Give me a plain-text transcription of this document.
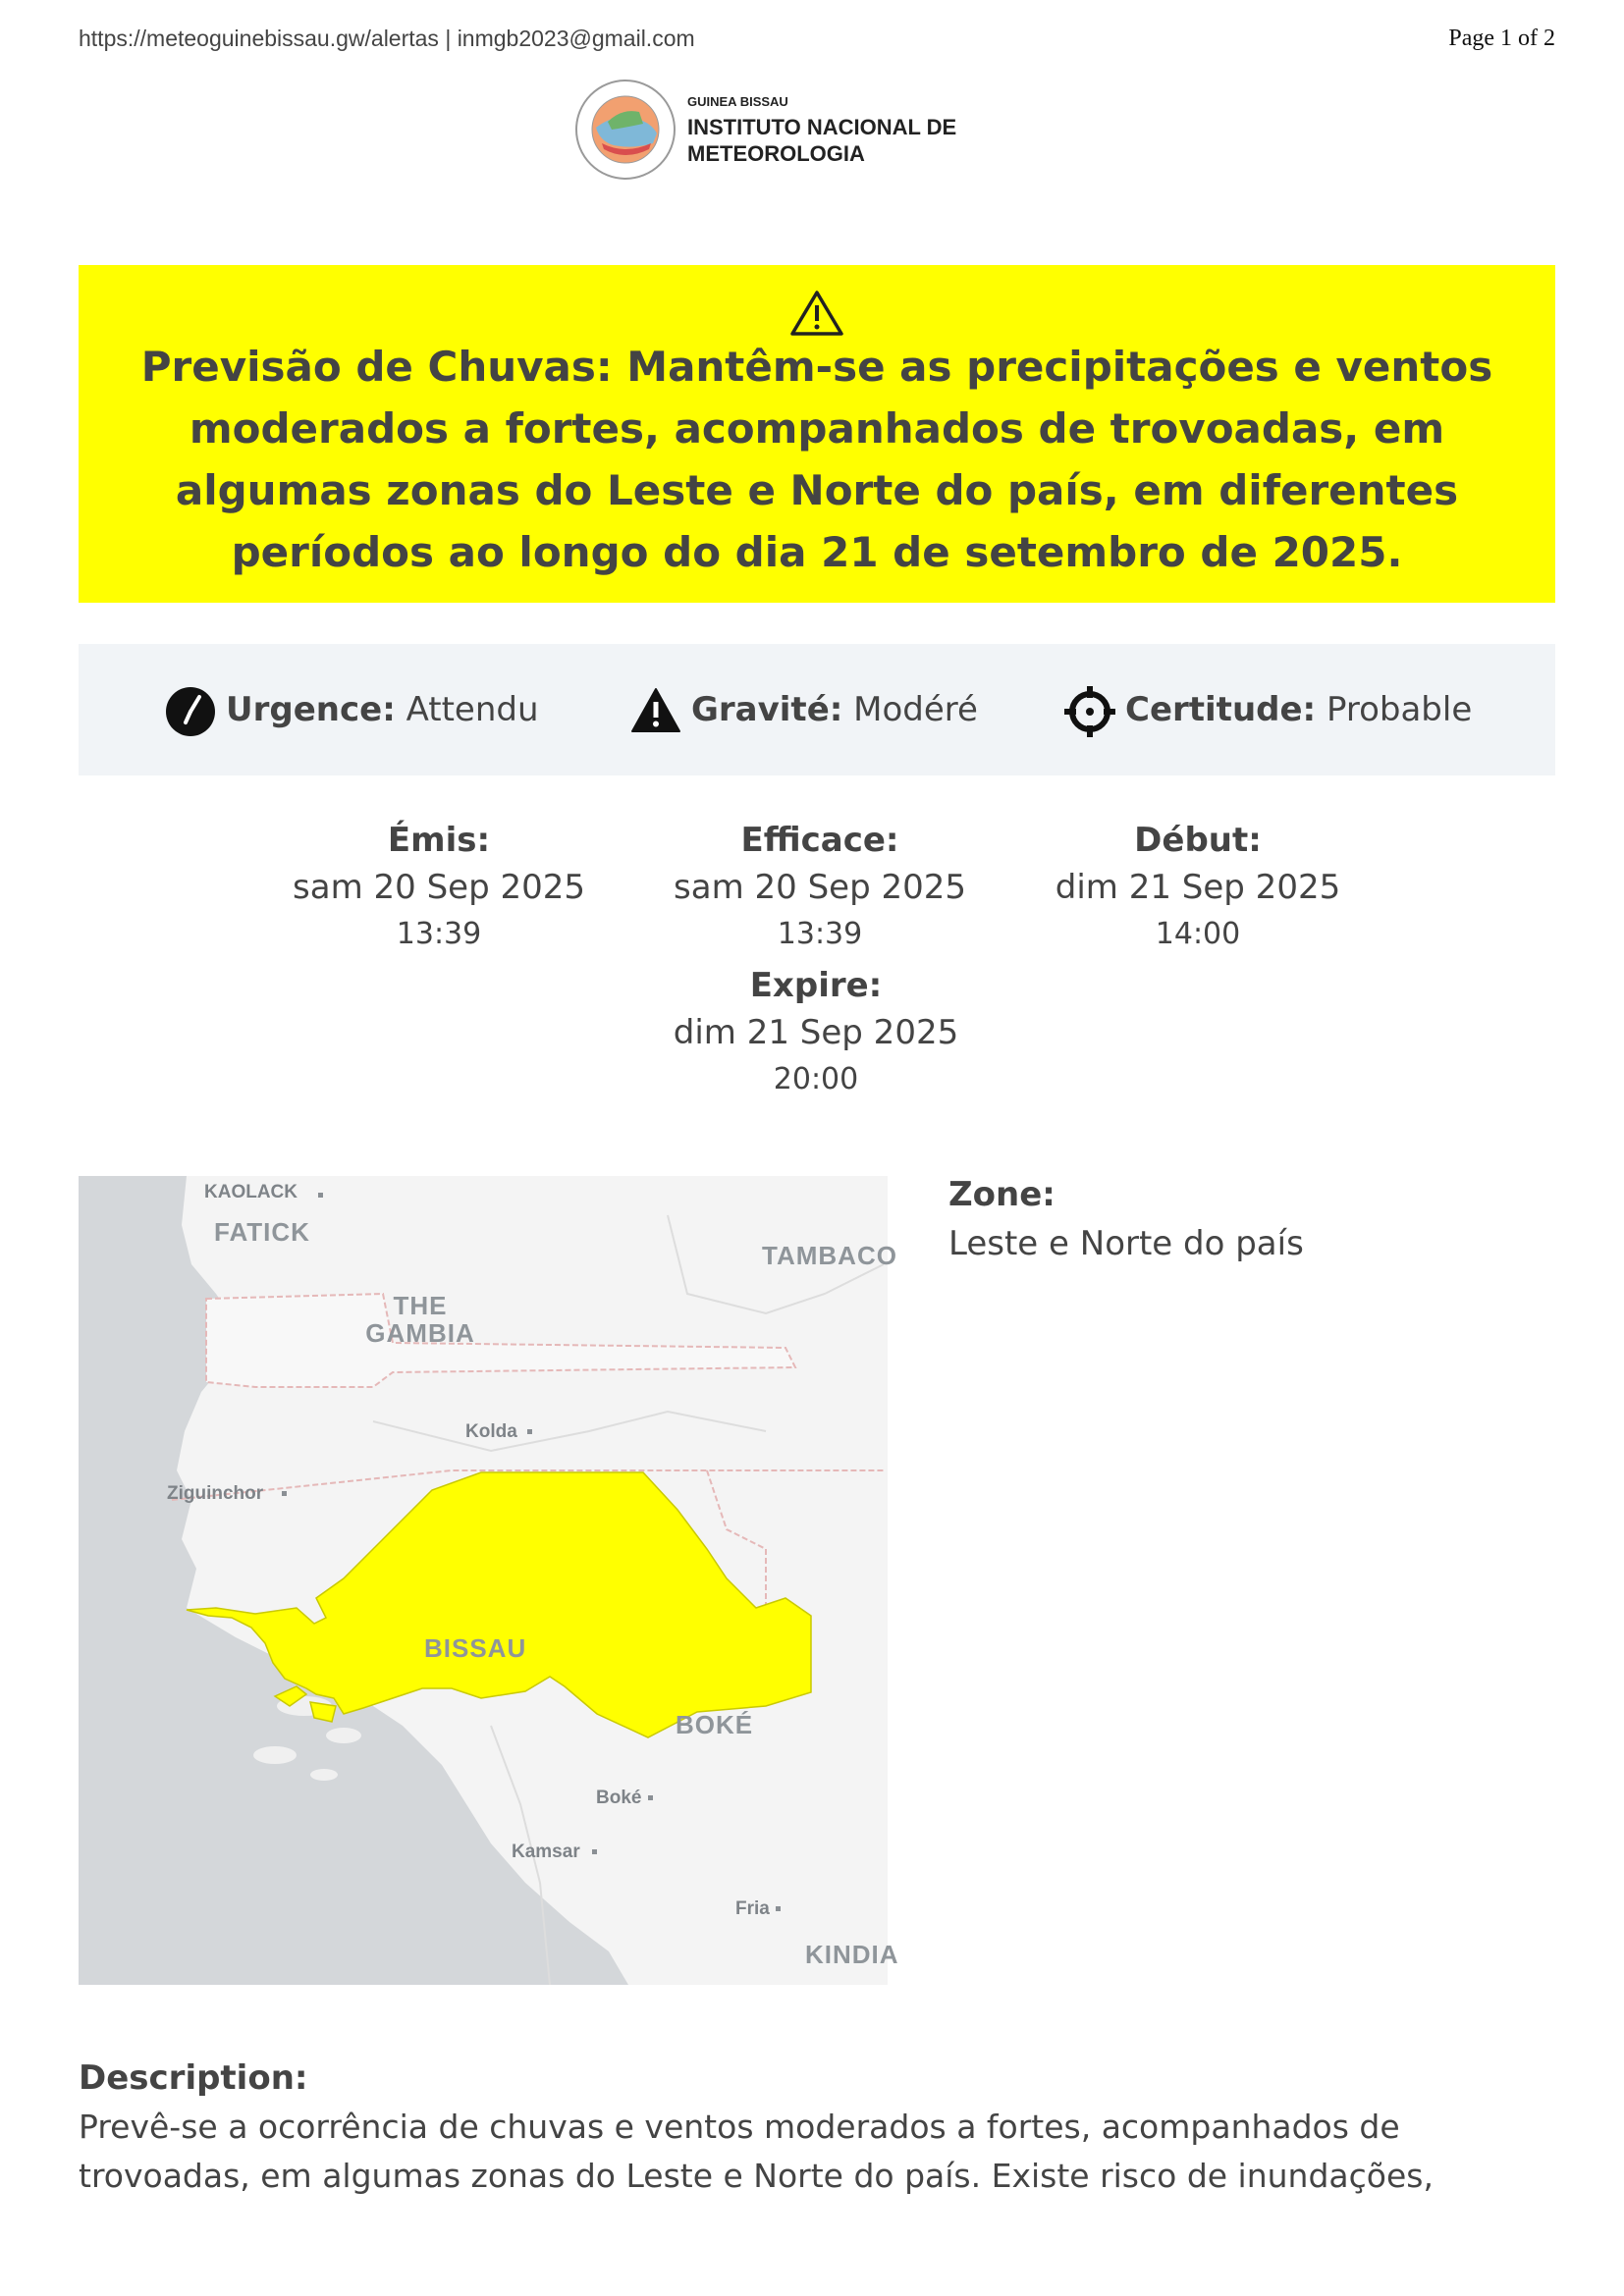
https://meteoguinebissau.gw/alertas | inmgb2023@gmail.com	Page 1 of 2
GUINEA BISSAU
INSTITUTO NACIONAL DE METEOROLOGIA
Previsão de Chuvas: Mantêm-se as precipitações e ventos moderados a fortes, acompanhados de trovoadas, em algumas zonas do Leste e Norte do país, em diferentes períodos ao longo do dia 21 de setembro de 2025.
Urgence: Attendu	Gravité: Modéré	Certitude: Probable
Émis:
sam 20 Sep 2025
13:39
Efficace:
sam 20 Sep 2025
13:39
Début:
dim 21 Sep 2025
14:00
Expire:
dim 21 Sep 2025
20:00
KAOLACK
FATICK
TAMBACO
THE GAMBIA
Kolda
Ziguinchor
BISSAU
BOKÉ
Boké
Kamsar
Fria
KINDIA
Zone:
Leste e Norte do país
Description:
Prevê-se a ocorrência de chuvas e ventos moderados a fortes, acompanhados de trovoadas, em algumas zonas do Leste e Norte do país. Existe risco de inundações,
